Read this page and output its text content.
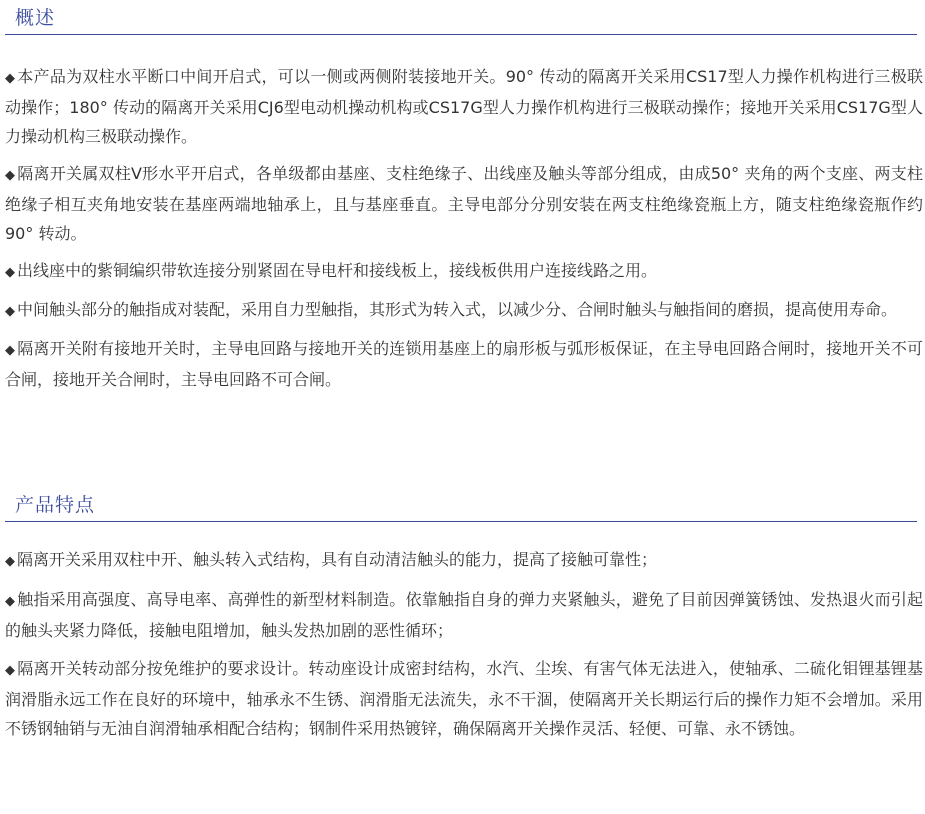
概述

◆ 本产品为双柱水平断口中间开启式，可以一侧或两侧附装接地开关。90° 传动的隔离开关采用CS17型人力操作机构进行三极联动操作；180° 传动的隔离开关采用CJ6型电动机操动机构或CS17G型人力操作机构进行三极联动操作；接地开关采用CS17G型人力操动机构三极联动操作。

◆ 隔离开关属双柱V形水平开启式，各单级都由基座、支柱绝缘子、出线座及触头等部分组成，由成50° 夹角的两个支座、两支柱绝缘子相互夹角地安装在基座两端地轴承上，且与基座垂直。主导电部分分别安装在两支柱绝缘瓷瓶上方，随支柱绝缘瓷瓶作约90° 转动。

◆ 出线座中的紫铜编织带软连接分别紧固在导电杆和接线板上，接线板供用户连接线路之用。

◆ 中间触头部分的触指成对装配，采用自力型触指，其形式为转入式，以减少分、合闸时触头与触指间的磨损，提高使用寿命。

◆ 隔离开关附有接地开关时，主导电回路与接地开关的连锁用基座上的扇形板与弧形板保证，在主导电回路合闸时，接地开关不可合闸，接地开关合闸时，主导电回路不可合闸。

产品特点

◆ 隔离开关采用双柱中开、触头转入式结构，具有自动清洁触头的能力，提高了接触可靠性；

◆ 触指采用高强度、高导电率、高弹性的新型材料制造。依靠触指自身的弹力夹紧触头，避免了目前因弹簧锈蚀、发热退火而引起的触头夹紧力降低，接触电阻增加，触头发热加剧的恶性循环；

◆ 隔离开关转动部分按免维护的要求设计。转动座设计成密封结构，水汽、尘埃、有害气体无法进入，使轴承、二硫化钼锂基锂基润滑脂永远工作在良好的环境中，轴承永不生锈、润滑脂无法流失，永不干涸，使隔离开关长期运行后的操作力矩不会增加。采用不锈钢轴销与无油自润滑轴承相配合结构；钢制件采用热镀锌，确保隔离开关操作灵活、轻便、可靠、永不锈蚀。
